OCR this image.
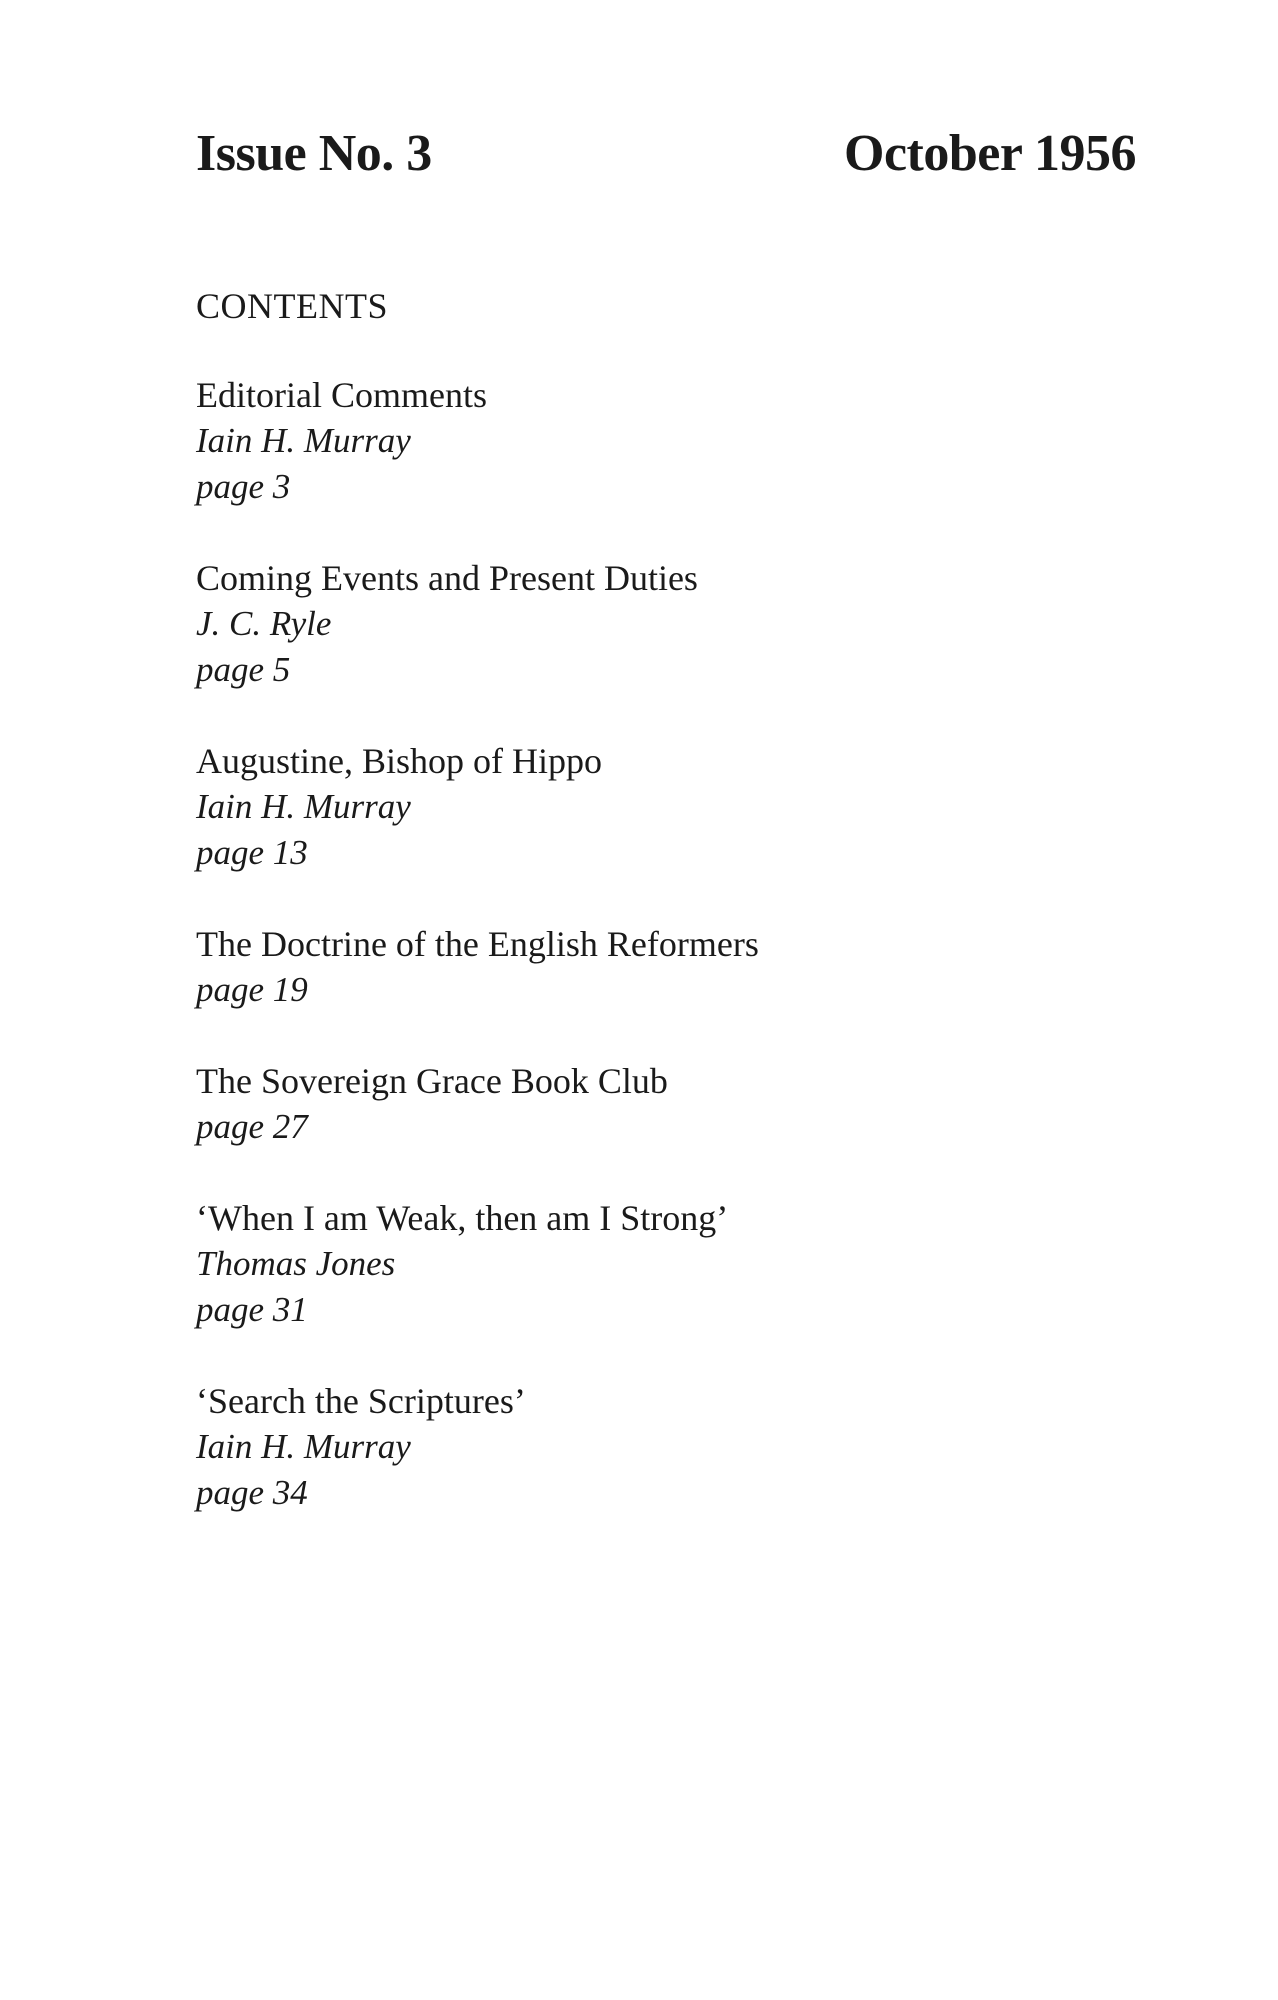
Issue No. 3	October 1956
CONTENTS
Editorial Comments
Iain H. Murray
page 3
Coming Events and Present Duties
J. C. Ryle
page 5
Augustine, Bishop of Hippo
Iain H. Murray
page 13
The Doctrine of the English Reformers
page 19
The Sovereign Grace Book Club
page 27
‘When I am Weak, then am I Strong’
Thomas Jones
page 31
‘Search the Scriptures’
Iain H. Murray
page 34
